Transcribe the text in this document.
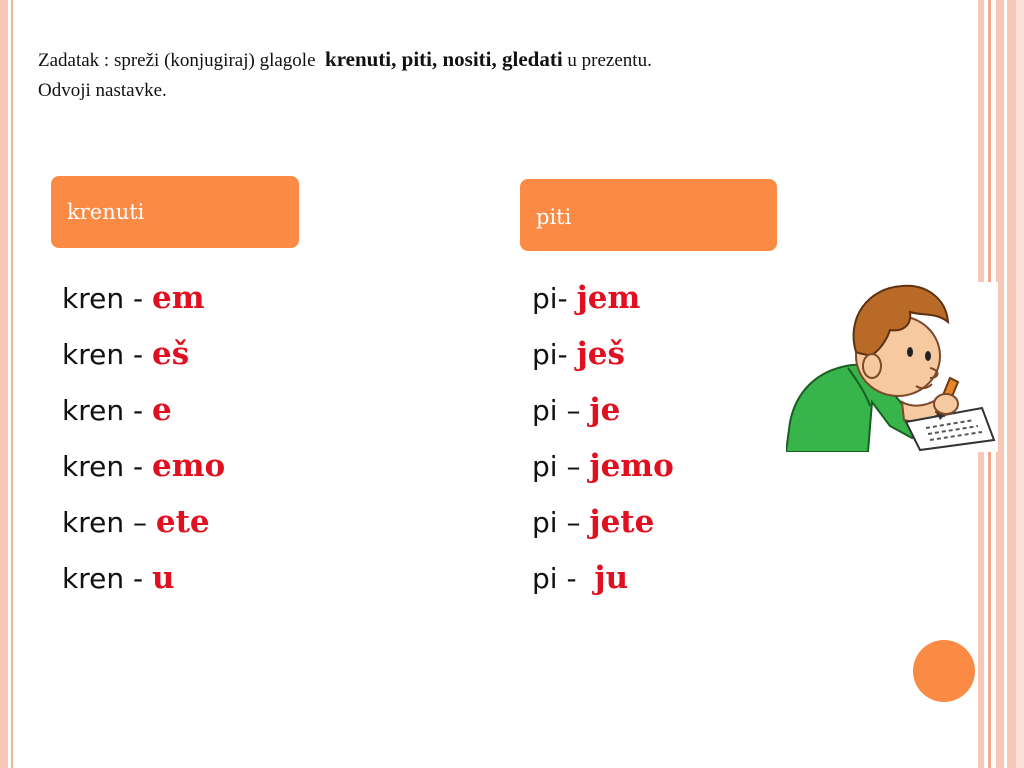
Zadatak : spreži (konjugiraj) glagole krenuti, piti, nositi, gledati u prezentu.
Odvoji nastavke.
krenuti	piti
kren - em
kren - eš
kren - e
kren - emo
kren – ete
kren - u
pi- jem
pi- ješ
pi – je
pi – jemo
pi – jete
pi -  ju
